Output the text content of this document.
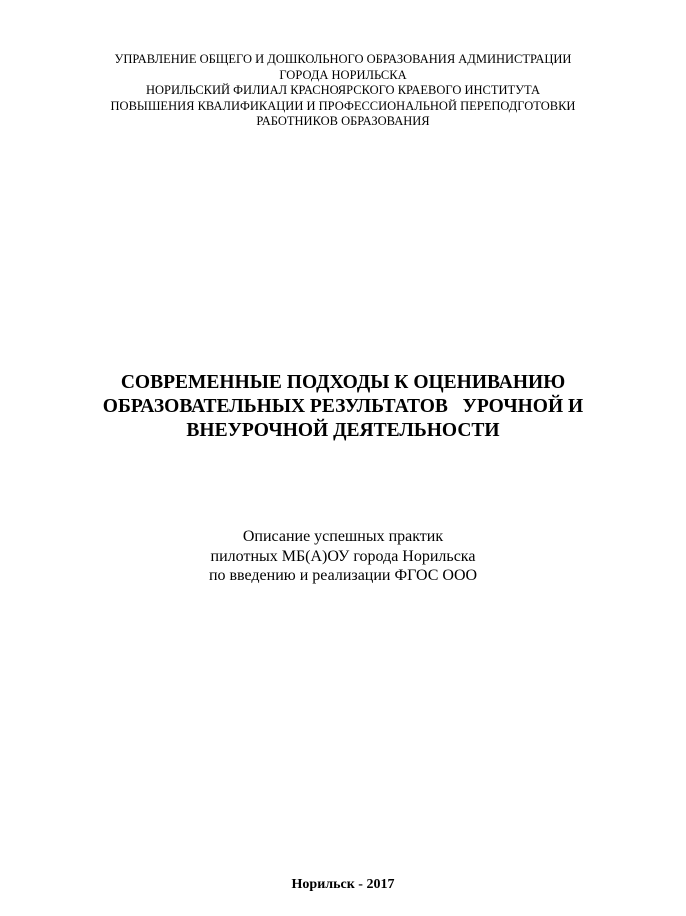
УПРАВЛЕНИЕ ОБЩЕГО И ДОШКОЛЬНОГО ОБРАЗОВАНИЯ АДМИНИСТРАЦИИ
ГОРОДА НОРИЛЬСКА
НОРИЛЬСКИЙ ФИЛИАЛ КРАСНОЯРСКОГО КРАЕВОГО ИНСТИТУТА
ПОВЫШЕНИЯ КВАЛИФИКАЦИИ И ПРОФЕССИОНАЛЬНОЙ ПЕРЕПОДГОТОВКИ
РАБОТНИКОВ ОБРАЗОВАНИЯ
СОВРЕМЕННЫЕ ПОДХОДЫ К ОЦЕНИВАНИЮ
ОБРАЗОВАТЕЛЬНЫХ РЕЗУЛЬТАТОВ   УРОЧНОЙ И
ВНЕУРОЧНОЙ ДЕЯТЕЛЬНОСТИ
Описание успешных практик
пилотных МБ(А)ОУ города Норильска
по введению и реализации ФГОС ООО
Норильск - 2017
